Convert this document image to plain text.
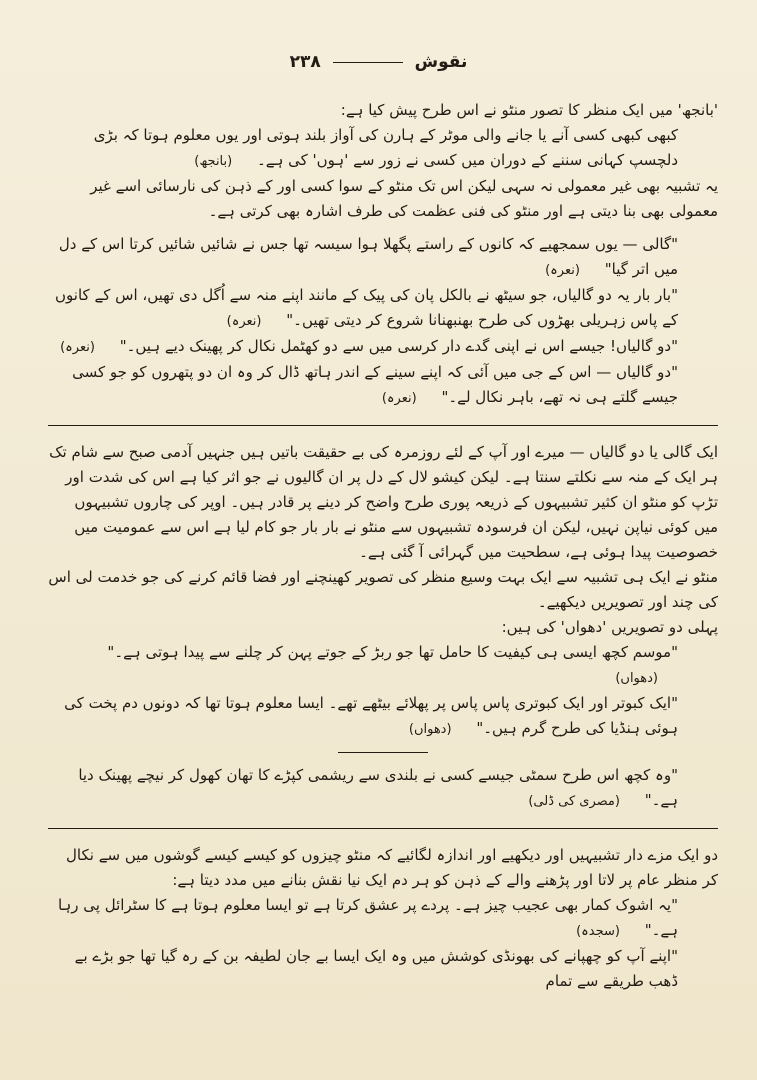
نقوش  ۲۳۸

'بانجھ' میں ایک منظر کا تصور منٹو نے اس طرح پیش کیا ہے:

کبھی کبھی کسی آنے یا جانے والی موٹر کے ہارن کی آواز بلند ہوتی اور یوں معلوم ہوتا کہ بڑی دلچسپ کہانی سننے کے دوران میں کسی نے زور سے 'ہوں' کی ہے۔ (بانجھ)

یہ تشبیہ بھی غیر معمولی نہ سہی لیکن اس تک منٹو کے سوا کسی اور کے ذہن کی نارسائی اسے غیر معمولی بھی بنا دیتی ہے اور منٹو کی فنی عظمت کی طرف اشارہ بھی کرتی ہے۔

"گالی — یوں سمجھیے کہ کانوں کے راستے پگھلا ہوا سیسہ تھا جس نے شائیں شائیں کرتا اس کے دل میں اتر گیا" (نعرہ)

"بار بار یہ دو گالیاں، جو سیٹھ نے بالکل پان کی پیک کے مانند اپنے منہ سے اُگل دی تھیں، اس کے کانوں کے پاس زہریلی بھڑوں کی طرح بھنبھنانا شروع کر دیتی تھیں۔" (نعرہ)

"دو گالیاں! جیسے اس نے اپنی گدے دار کرسی میں سے دو کھٹمل نکال کر پھینک دیے ہیں۔" (نعرہ)

"دو گالیاں — اس کے جی میں آئی کہ اپنے سینے کے اندر ہاتھ ڈال کر وہ ان دو پتھروں کو جو کسی جیسے گلتے ہی نہ تھے، باہر نکال لے۔" (نعرہ)

ایک گالی یا دو گالیاں — میرے اور آپ کے لئے روزمرہ کی بے حقیقت باتیں ہیں جنہیں آدمی صبح سے شام تک ہر ایک کے منہ سے نکلتے سنتا ہے۔ لیکن کیشو لال کے دل پر ان گالیوں نے جو اثر کیا ہے اس کی شدت اور تڑپ کو منٹو ان کثیر تشبیہوں کے ذریعہ پوری طرح واضح کر دینے پر قادر ہیں۔ اوپر کی چاروں تشبیہوں میں کوئی نیاپن نہیں، لیکن ان فرسودہ تشبیہوں سے منٹو نے بار بار جو کام لیا ہے اس سے عمومیت میں خصوصیت پیدا ہوئی ہے، سطحیت میں گہرائی آ گئی ہے۔

منٹو نے ایک ہی تشبیہ سے ایک بہت وسیع منظر کی تصویر کھینچنے اور فضا قائم کرنے کی جو خدمت لی اس کی چند اور تصویریں دیکھیے۔

پہلی دو تصویریں 'دھواں' کی ہیں:

"موسم کچھ ایسی ہی کیفیت کا حامل تھا جو ربڑ کے جوتے پہن کر چلنے سے پیدا ہوتی ہے۔" (دھواں)

"ایک کبوتر اور ایک کبوتری پاس پاس پر پھلائے بیٹھے تھے۔ ایسا معلوم ہوتا تھا کہ دونوں دم پخت کی ہوئی ہنڈیا کی طرح گرم ہیں۔" (دھواں)

"وہ کچھ اس طرح سمٹی جیسے کسی نے بلندی سے ریشمی کپڑے کا تھان کھول کر نیچے پھینک دیا ہے۔" (مصری کی ڈلی)

دو ایک مزے دار تشبیہیں اور دیکھیے اور اندازہ لگائیے کہ منٹو چیزوں کو کیسے کیسے گوشوں میں سے نکال کر منظر عام پر لاتا اور پڑھنے والے کے ذہن کو ہر دم ایک نیا نقش بنانے میں مدد دیتا ہے:

"یہ اشوک کمار بھی عجیب چیز ہے۔ پردے پر عشق کرتا ہے تو ایسا معلوم ہوتا ہے کا سٹرائل پی رہا ہے۔" (سجدہ)

"اپنے آپ کو چھپانے کی بھونڈی کوشش میں وہ ایک ایسا بے جان لطیفہ بن کے رہ گیا تھا جو بڑے بے ڈھب طریقے سے تمام
